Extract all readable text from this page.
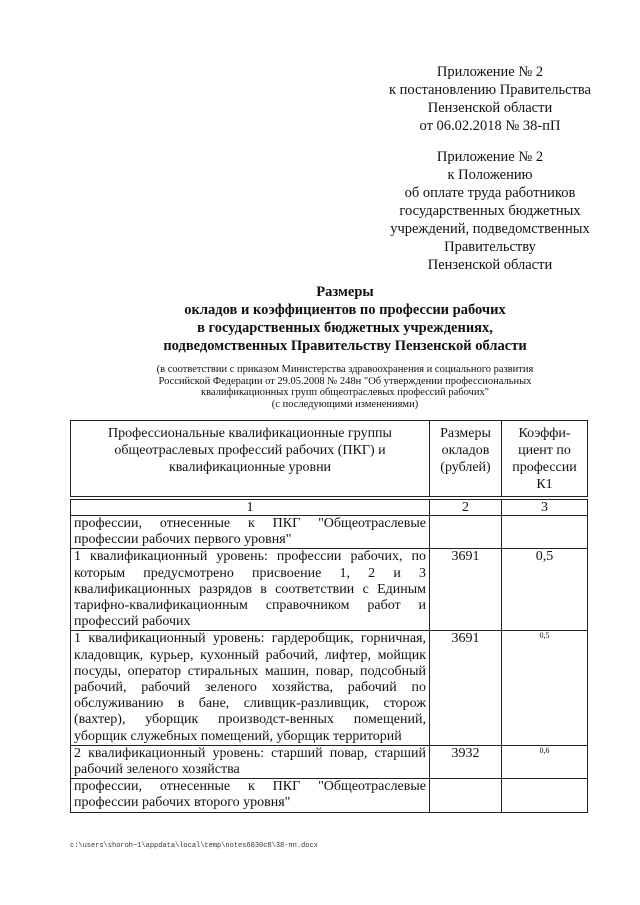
Приложение № 2
к постановлению Правительства
Пензенской области
от 06.02.2018 № 38-пП
Приложение № 2
к Положению
об оплате труда работников
государственных бюджетных
учреждений, подведомственных
Правительству
Пензенской области
Размеры
окладов и коэффициентов по профессии рабочих
в государственных бюджетных учреждениях,
подведомственных Правительству Пензенской области
(в соответствии с приказом Министерства здравоохранения и социального развития
Российской Федерации от 29.05.2008 № 248н "Об утверждении профессиональных
квалификационных групп общеотраслевых профессий рабочих"
(с последующими изменениями)
Профессиональные квалификационные группы общеотраслевых профессий рабочих (ПКГ) и квалификационные уровни	Размеры окладов (рублей)	Коэффи-циент по профессии К1

1	2	3
профессии, отнесенные к ПКГ "Общеотраслевые профессии рабочих первого уровня"		
1 квалификационный уровень: профессии рабочих, по которым предусмотрено присвоение 1, 2 и 3 квалификационных разрядов в соответствии с Единым тарифно-квалификационным справочником работ и профессий рабочих	3691	0,5
1 квалификационный уровень: гардеробщик, горничная, кладовщик, курьер, кухонный рабочий, лифтер, мойщик посуды, оператор стиральных машин, повар, подсобный рабочий, рабочий зеленого хозяйства, рабочий по обслуживанию в бане, сливщик-разливщик, сторож (вахтер), уборщик производст-венных помещений, уборщик служебных помещений, уборщик территорий	3691	$^{0,5}$
2 квалификационный уровень: старший повар, старший рабочий зеленого хозяйства	3932	$^{0,6}$
профессии, отнесенные к ПКГ "Общеотраслевые профессии рабочих второго уровня"		
c:\users\shoroh~1\appdata\local\temp\notes6030c8\38-пп.docx
